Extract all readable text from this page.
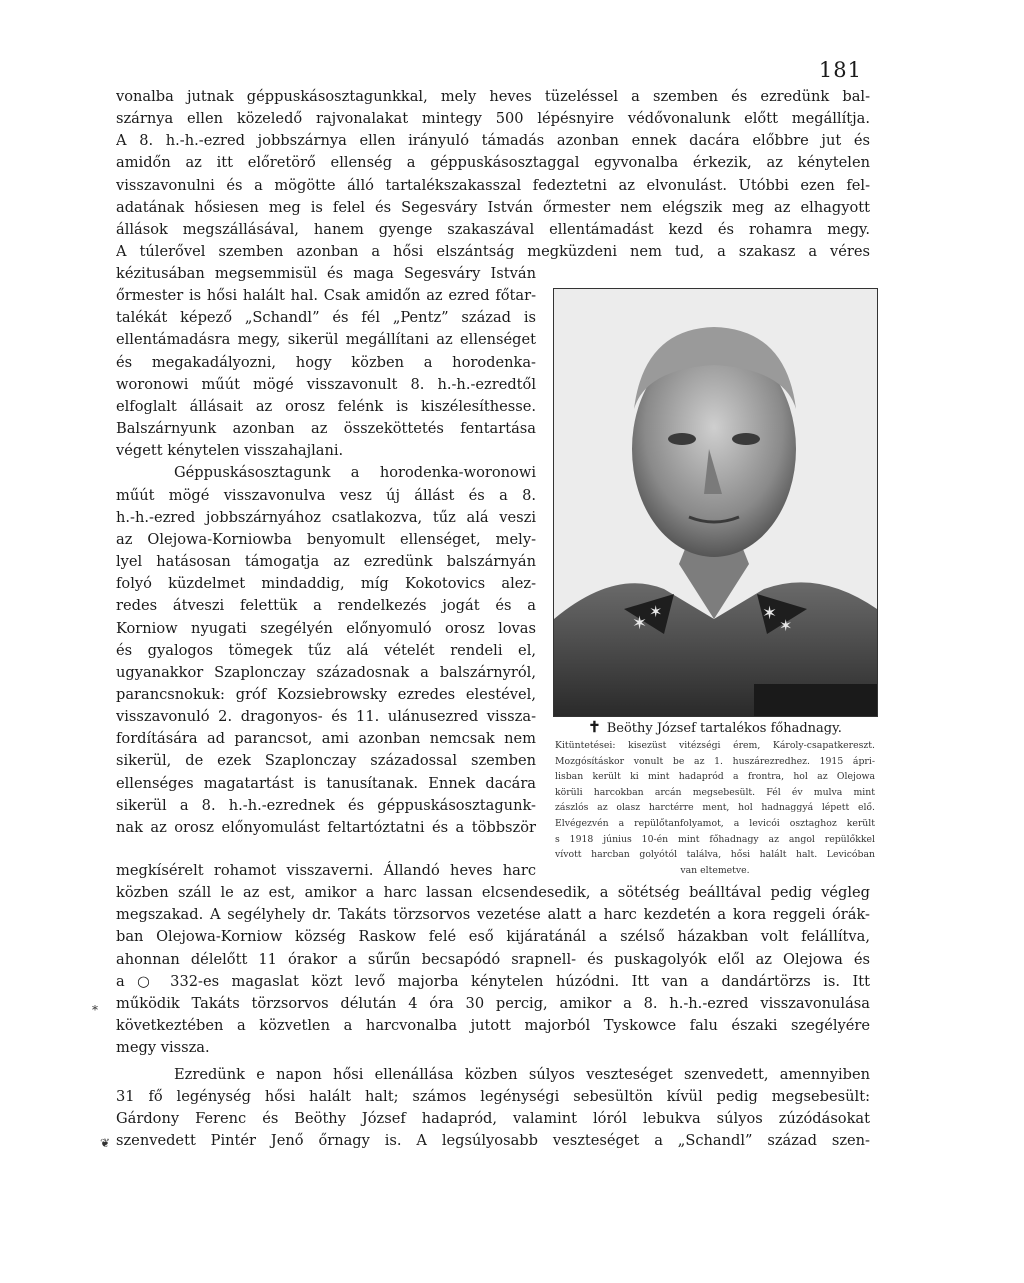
181
vonalba jutnak géppuskásosztagunkkal, mely heves tüzeléssel a szemben és ezredünk bal-
szárnya ellen közeledő rajvonalakat mintegy 500 lépésnyire védővonalunk előtt megállítja.
A 8. h.-h.-ezred jobbszárnya ellen irányuló támadás azonban ennek dacára előbbre jut és
amidőn az itt előretörő ellenség a géppuskásosztaggal egyvonalba érkezik, az kénytelen
visszavonulni és a mögötte álló tartalékszakasszal fedeztetni az elvonulást. Utóbbi ezen fel-
adatának hősiesen meg is felel és Segesváry István őrmester nem elégszik meg az elhagyott
állások megszállásával, hanem gyenge szakaszával ellentámadást kezd és rohamra megy.
A túlerővel szemben azonban a hősi elszántság megküzdeni nem tud, a szakasz a véres
kézitusában megsemmisül és maga Segesváry István
őrmester is hősi halált hal. Csak amidőn az ezred főtar-
talékát képező „Schandl” és fél „Pentz” század is
ellentámadásra megy, sikerül megállítani az ellenséget
és megakadályozni, hogy közben a horodenka-
woronowi műút mögé visszavonult 8. h.-h.-ezredtől
elfoglalt állásait az orosz felénk is kiszélesíthesse.
Balszárnyunk azonban az összeköttetés fentartása
végett kénytelen visszahajlani.
Géppuskásosztagunk a horodenka-woronowi
műút mögé visszavonulva vesz új állást és a 8.
h.-h.-ezred jobbszárnyához csatlakozva, tűz alá veszi
az Olejowa-Korniowba benyomult ellenséget, mely-
lyel hatásosan támogatja az ezredünk balszárnyán
folyó küzdelmet mindaddig, míg Kokotovics alez-
redes átveszi felettük a rendelkezés jogát és a
Korniow nyugati szegélyén előnyomuló orosz lovas
és gyalogos tömegek tűz alá vételét rendeli el,
ugyanakkor Szaplonczay századosnak a balszárnyról,
parancsnokuk: gróf Kozsiebrowsky ezredes elestével,
visszavonuló 2. dragonyos- és 11. ulánusezred vissza-
fordítására ad parancsot, ami azonban nemcsak nem
sikerül, de ezek Szaplonczay századossal szemben
ellenséges magatartást is tanusítanak. Ennek dacára
sikerül a 8. h.-h.-ezrednek és géppuskásosztagunk-
nak az orosz előnyomulást feltartóztatni és a többször
✶
✶	✶
✶
✝ Beöthy József tartalékos főhadnagy.
Kitüntetései: kisezüst vitézségi érem, Károly-csapatkereszt.
Mozgósításkor vonult be az 1. huszárezredhez. 1915 ápri-
lisban került ki mint hadapród a frontra, hol az Olejowa
körüli harcokban arcán megsebesült. Fél év mulva mint
zászlós az olasz harctérre ment, hol hadnaggyá lépett elő.
Elvégezvén a repülőtanfolyamot, a levicói osztaghoz került
s 1918 június 10-én mint főhadnagy az angol repülőkkel
vívott harcban golyótól találva, hősi halált halt. Levicóban
van eltemetve.
megkísérelt rohamot visszaverni. Állandó heves harc
közben száll le az est, amikor a harc lassan elcsendesedik, a sötétség beálltával pedig végleg
megszakad. A segélyhely dr. Takáts törzsorvos vezetése alatt a harc kezdetén a kora reggeli órák-
ban Olejowa-Korniow község Raskow felé eső kijáratánál a szélső házakban volt felállítva,
ahonnan délelőtt 11 órakor a sűrűn becsapódó srapnell- és puskagolyók elől az Olejowa és
a ○ 332-es magaslat közt levő majorba kénytelen húzódni. Itt van a dandártörzs is. Itt
működik Takáts törzsorvos délután 4 óra 30 percig, amikor a 8. h.-h.-ezred visszavonulása
következtében a közvetlen a harcvonalba jutott majorból Tyskowce falu északi szegélyére
megy vissza.
Ezredünk e napon hősi ellenállása közben súlyos veszteséget szenvedett, amennyiben
31 fő legénység hősi halált halt; számos legénységi sebesültön kívül pedig megsebesült:
Gárdony Ferenc és Beöthy József hadapród, valamint lóról lebukva súlyos zúzódásokat
szenvedett Pintér Jenő őrnagy is. A legsúlyosabb veszteséget a „Schandl” század szen-
*
❦
